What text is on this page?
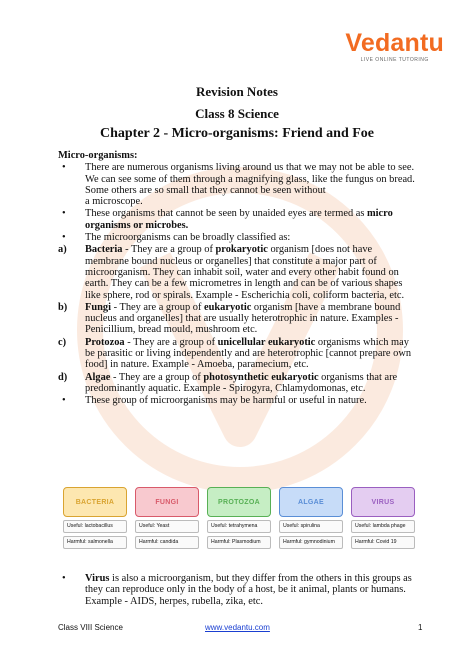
Vedantu
LIVE ONLINE TUTORING
Revision Notes
Class 8 Science
Chapter 2 - Micro-organisms: Friend and Foe
Micro-organisms:
• There are numerous organisms living around us that we may not be able to see. We can see some of them through a magnifying glass, like the fungus on bread. Some others are so small that they cannot be seen without
a microscope.
• These organisms that cannot be seen by unaided eyes are termed as micro
organisms or microbes.
• The microorganisms can be broadly classified as:
a) Bacteria - They are a group of prokaryotic organism [does not have membrane bound nucleus or organelles] that constitute a major part of microorganism. They can inhabit soil, water and every other habit found on earth. They can be a few micrometres in length and can be of various shapes like sphere, rod or spirals. Example - Escherichia coli, coliform bacteria, etc.
b) Fungi - They are a group of eukaryotic organism [have a membrane bound nucleus and organelles] that are usually heterotrophic in nature. Examples - Penicillium, bread mould, mushroom etc.
c) Protozoa - They are a group of unicellular eukaryotic organisms which may be parasitic or living independently and are heterotrophic [cannot prepare own food] in nature. Example - Amoeba, paramecium, etc.
d) Algae - They are a group of photosynthetic eukaryotic organisms that are predominantly aquatic. Example - Spirogyra, Chlamydomonas, etc.
• These group of microorganisms may be harmful or useful in nature.
BACTERIA
Useful: lactobacillus
Harmful: salmonella
FUNGI
Useful: Yeast
Harmful: candida
PROTOZOA
Useful: tetrahymena
Harmful: Plasmodium
ALGAE
Useful: spirulina
Harmful: gymnodinium
VIRUS
Useful: lambda phage
Harmful: Covid 19
• Virus is also a microorganism, but they differ from the others in this groups as they can reproduce only in the body of a host, be it animal, plants or humans. Example - AIDS, herpes, rubella, zika, etc.
Class VIII Science	www.vedantu.com	1
